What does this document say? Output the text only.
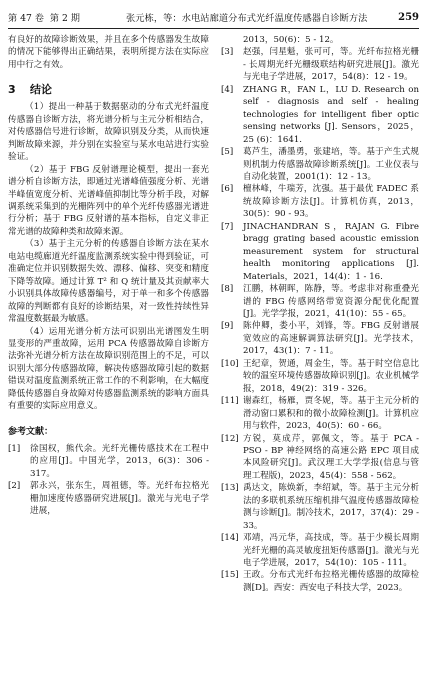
第 47 卷 第 2 期	张元栋，等：水电站廊道分布式光纤温度传感器自诊断方法	259

有良好的故障诊断效果，并且在多个传感器发生故障的情况下能够得出正确结果，表明所提方法在实际应用中行之有效。

3 结论

（1）提出一种基于数据驱动的分布式光纤温度传感器自诊断方法，将光谱分析与主元分析相结合，对传感器信号进行诊断，故障识别及分类，从而快速判断故障来源，并分别在实验室与某水电站进行实验验证。

（2）基于 FBG 反射谱理论模型，提出一套光谱分析自诊断方法，即通过光谱峰值强度分析、光谱半峰值宽度分析、光谱峰值抑制比等分析手段，对解调系统采集到的光栅阵列中的单个光纤传感器光谱进行分析；基于 FBG 反射谱的基本指标，自定义非正常光谱的故障种类和故障来源。

（3）基于主元分析的传感器自诊断方法在某水电站电缆廊道光纤温度监测系统实验中得到验证，可准确定位并识别数据失效、漂移、偏移、突变和精度下降等故障。通过计算 T² 和 Q 统计量及其贡献率大小识别具体故障传感器编号，对于单一和多个传感器故障的判断都有良好的诊断结果，对一致性持续性异常温度数据最为敏感。

（4）运用光谱分析方法可识别出光谱图发生明显变形的严重故障，运用 PCA 传感器故障自诊断方法弥补光谱分析方法在故障识别范围上的不足，可以识别大部分传感器故障，解决传感器故障引起的数据错误对温度监测系统正常工作的不利影响，在大幅度降低传感器自身故障对传感器监测系统的影响方面具有重要的实际应用意义。

参考文献：
[1]	徐国权，熊代余。光纤光栅传感技术在工程中的应用[J]。中国光学，2013，6(3)：306 - 317。
[2]	郭永兴，张东生，周祖德，等。光纤布拉格光栅加速度传感器研究进展[J]。激光与光电子学进展，
2013，50(6)：5 - 12。
[3]	赵强，闫星魁，张可可，等。光纤布拉格光栅 - 长周期光纤光栅级联结构研究进展[J]。激光与光电子学进展，2017，54(8)：12 - 19。
[4]	ZHANG R，FAN L，LU D. Research on self - diagnosis and self - healing technologies for intelligent fiber optic sensing networks [J]. Sensors，2025，25 (6)：1641.
[5]	葛芦生，潘墨勇，张建培，等。基于产生式规则机制力传感器故障诊断系统[J]。工业仪表与自动化装置，2001(1)：12 - 13。
[6]	檀林峰，牛瑞芳，沈强。基于最优 FADEC 系统故障诊断方法[J]。计算机仿真，2013，30(5)：90 - 93。
[7]	JINACHANDRAN S，RAJAN G. Fibre bragg grating based acoustic emission measurement system for structural health monitoring applications [J]. Materials，2021，14(4)：1 - 16.
[8]	江鹏，林朝晖，陈静，等。考虑非对称重叠光谱的 FBG 传感网络带宽资源分配优化配置[J]。光学学报，2021，41(10)：55 - 65。
[9]	陈仲卿，娄小平，刘锋，等。FBG 反射谱展宽效应的高速解调算法研究[J]。光学技术，2017，43(1)：7 - 11。
[10] 王纪章，贺通，周金生，等。基于时空信息比较的温室环境传感器故障识别[J]。农业机械学报，2018，49(2)：319 - 326。
[11] 谢森红，杨雁，贾冬妮，等。基于主元分析的滑动窗口累积和的微小故障检测[J]。计算机应用与软件，2023，40(5)：60 - 66。
[12] 方锐，莫成芹，郭佩文，等。基于 PCA - PSO - BP 神经网络的高速公路 EPC 项目成本风险研究[J]。武汉理工大学学报(信息与管理工程版)，2023，45(4)：558 - 562。
[13] 禹达文，陈焕新，李绍斌，等。基于主元分析法的多联机系统压缩机排气温度传感器故障检测与诊断[J]。制冷技术，2017，37(4)：29 - 33。
[14] 邓靖，冯元华，高技成，等。基于少模长周期光纤光栅的高灵敏度扭矩传感器[J]。激光与光电子学进展，2017，54(10)：105 - 111。
[15] 王政。分布式光纤布拉格光栅传感器的故障检测[D]。西安：西安电子科技大学，2023。
